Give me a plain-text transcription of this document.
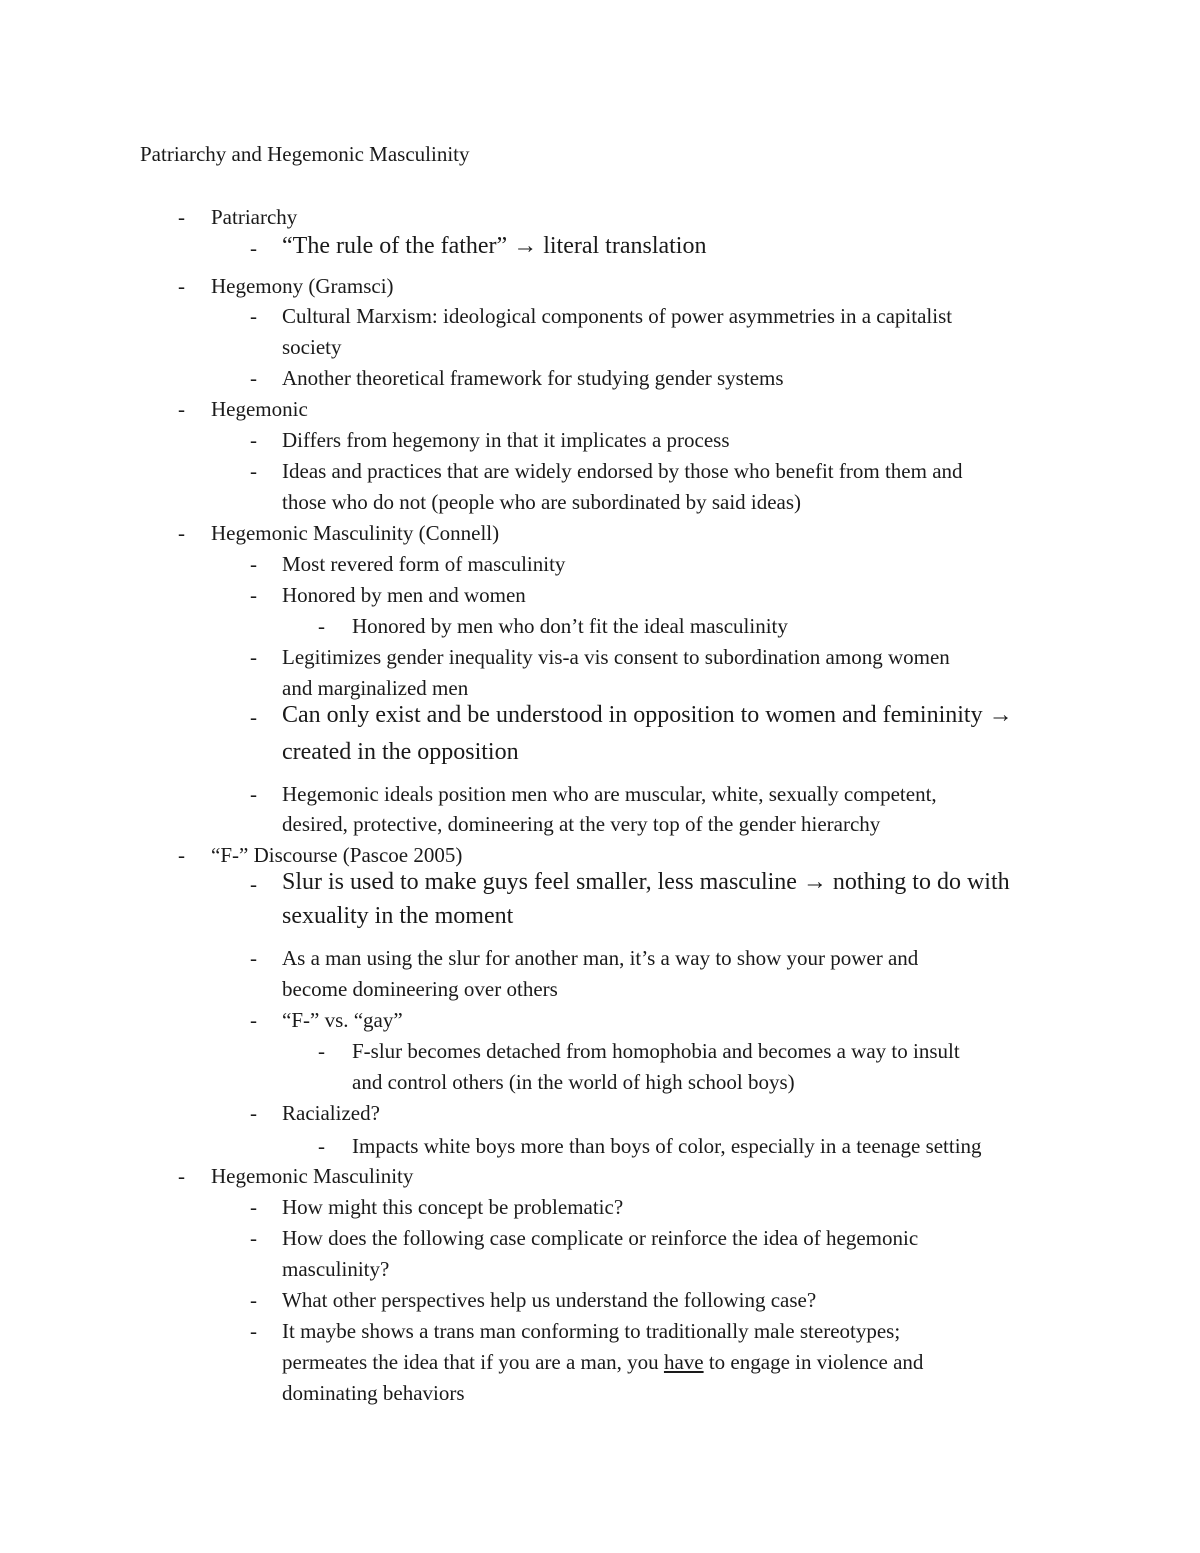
Patriarchy and Hegemonic Masculinity
- Patriarchy
- “The rule of the father” → literal translation
- Hegemony (Gramsci)
- Cultural Marxism: ideological components of power asymmetries in a capitalist
society
- Another theoretical framework for studying gender systems
- Hegemonic
- Differs from hegemony in that it implicates a process
- Ideas and practices that are widely endorsed by those who benefit from them and
those who do not (people who are subordinated by said ideas)
- Hegemonic Masculinity (Connell)
- Most revered form of masculinity
- Honored by men and women
- Honored by men who don’t fit the ideal masculinity
- Legitimizes gender inequality vis-a vis consent to subordination among women
and marginalized men
- Can only exist and be understood in opposition to women and femininity →
created in the opposition
- Hegemonic ideals position men who are muscular, white, sexually competent,
desired, protective, domineering at the very top of the gender hierarchy
- “F-” Discourse (Pascoe 2005)
- Slur is used to make guys feel smaller, less masculine → nothing to do with
sexuality in the moment
- As a man using the slur for another man, it’s a way to show your power and
become domineering over others
- “F-” vs. “gay”
- F-slur becomes detached from homophobia and becomes a way to insult
and control others (in the world of high school boys)
- Racialized?
- Impacts white boys more than boys of color, especially in a teenage setting
- Hegemonic Masculinity
- How might this concept be problematic?
- How does the following case complicate or reinforce the idea of hegemonic
masculinity?
- What other perspectives help us understand the following case?
- It maybe shows a trans man conforming to traditionally male stereotypes;
permeates the idea that if you are a man, you have to engage in violence and
dominating behaviors
